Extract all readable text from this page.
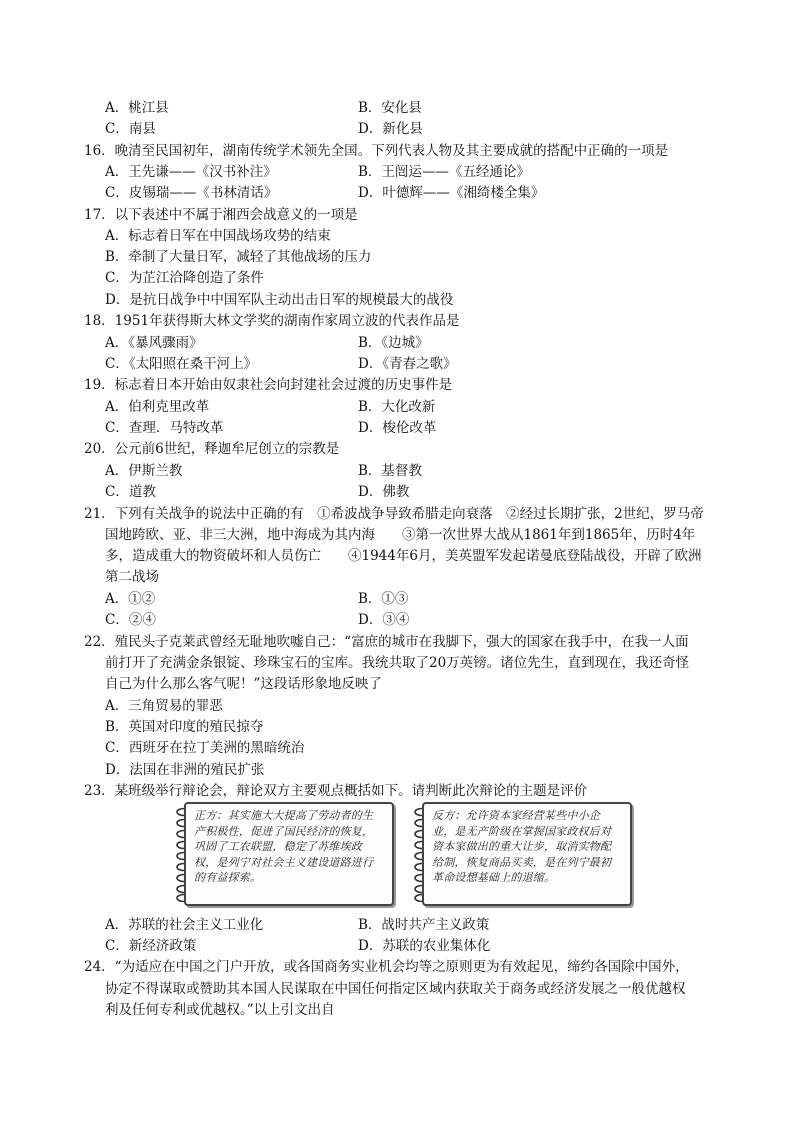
A．桃江县	B．安化县
C．南县	D．新化县
16．晚清至民国初年，湖南传统学术领先全国。下列代表人物及其主要成就的搭配中正确的一项是
A．王先谦——《汉书补注》	B．王闿运——《五经通论》
C．皮锡瑞——《书林清话》	D．叶德辉——《湘绮楼全集》
17．以下表述中不属于湘西会战意义的一项是
A．标志着日军在中国战场攻势的结束
B．牵制了大量日军，减轻了其他战场的压力
C．为芷江洽降创造了条件
D．是抗日战争中中国军队主动出击日军的规模最大的战役
18．1951年获得斯大林文学奖的湖南作家周立波的代表作品是
A．《暴风骤雨》	B．《边城》
C．《太阳照在桑干河上》	D．《青春之歌》
19．标志着日本开始由奴隶社会向封建社会过渡的历史事件是
A．伯利克里改革	B．大化改新
C．查理．马特改革	D．梭伦改革
20．公元前6世纪，释迦牟尼创立的宗教是
A．伊斯兰教	B．基督教
C．道教	D．佛教
21．下列有关战争的说法中正确的有　①希波战争导致希腊走向衰落　②经过长期扩张，2世纪，罗马帝
国地跨欧、亚、非三大洲，地中海成为其内海　　③第一次世界大战从1861年到1865年，历时4年
多，造成重大的物资破坏和人员伤亡　　④1944年6月，美英盟军发起诺曼底登陆战役，开辟了欧洲
第二战场
A．①②	B．①③
C．②④	D．③④
22．殖民头子克莱武曾经无耻地吹嘘自己：“富庶的城市在我脚下，强大的国家在我手中，在我一人面
前打开了充满金条银锭、珍珠宝石的宝库。我统共取了20万英镑。诸位先生，直到现在，我还奇怪
自己为什么那么客气呢！”这段话形象地反映了
A．三角贸易的罪恶
B．英国对印度的殖民掠夺
C．西班牙在拉丁美洲的黑暗统治
D．法国在非洲的殖民扩张
23．某班级举行辩论会，辩论双方主要观点概括如下。请判断此次辩论的主题是评价
正方：其实施大大提高了劳动者的生产积极性，促进了国民经济的恢复，巩固了工农联盟，稳定了苏维埃政权，是列宁对社会主义建设道路进行的有益探索。
反方：允许资本家经营某些中小企业，是无产阶级在掌握国家政权后对资本家做出的重大让步，取消实物配给制，恢复商品买卖，是在列宁最初革命设想基础上的退缩。
A．苏联的社会主义工业化	B．战时共产主义政策
C．新经济政策	D．苏联的农业集体化
24．“为适应在中国之门户开放，或各国商务实业机会均等之原则更为有效起见，缔约各国除中国外，
协定不得谋取或赞助其本国人民谋取在中国任何指定区域内获取关于商务或经济发展之一般优越权
利及任何专利或优越权。”以上引文出自
